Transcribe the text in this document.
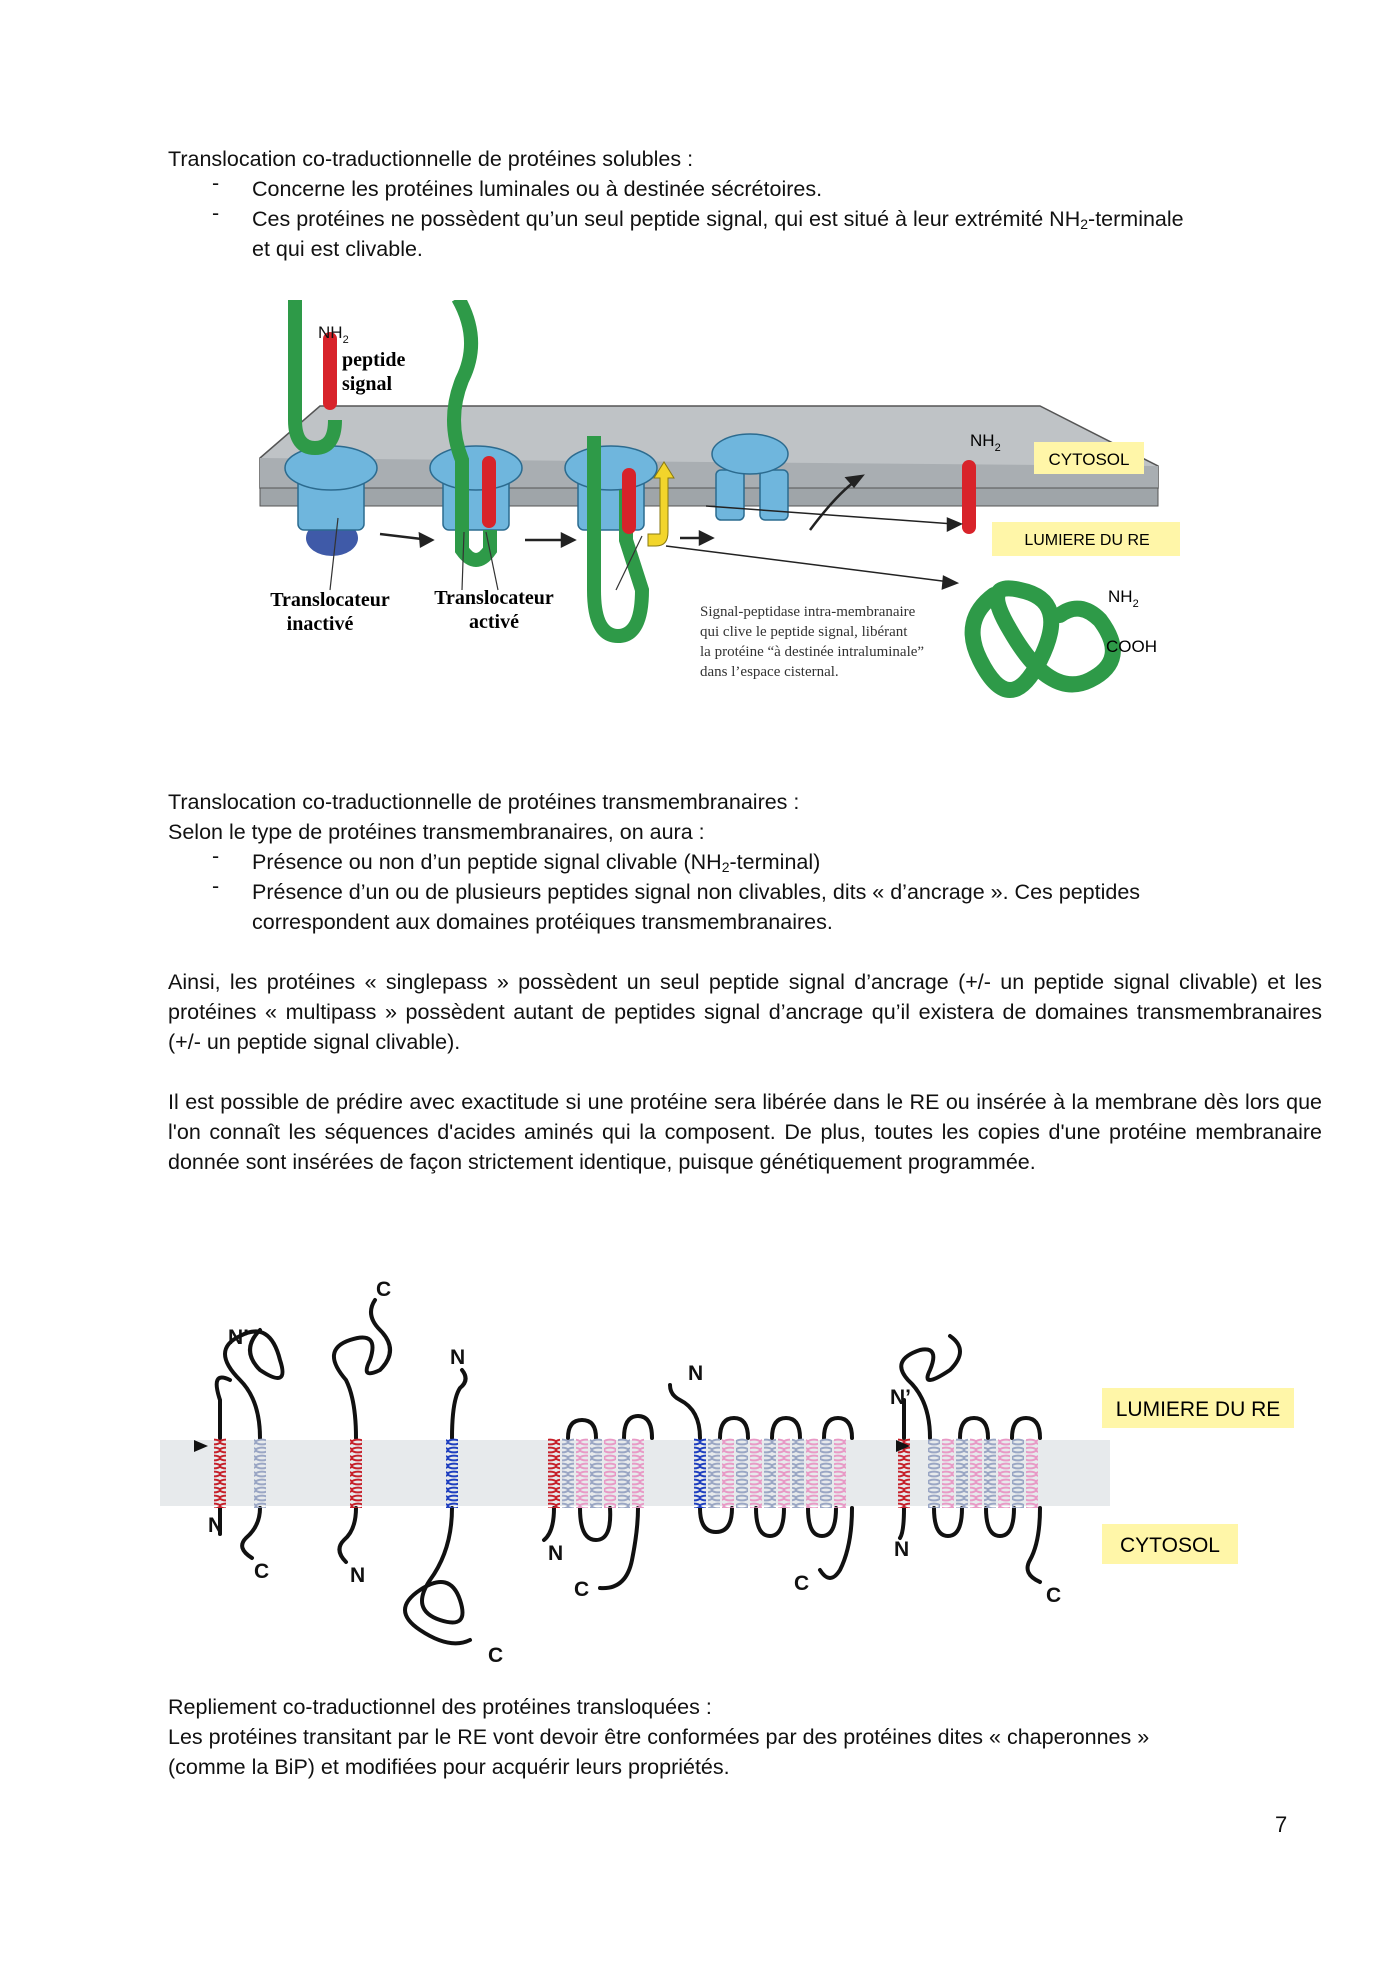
Translocation co-traductionnelle de protéines solubles :

- Concerne les protéines luminales ou à destinée sécrétoires.
- Ces protéines ne possèdent qu’un seul peptide signal, qui est situé à leur extrémité $NH_2$-terminale
et qui est clivable.
$NH_2$
peptide
signal
CYTOSOL
$NH_2$
LUMIERE DU RE
$NH_2$
COOH
Translocateur
inactivé
Translocateur
activé	Signal-peptidase intra-membranaire
qui clive le peptide signal, libérant
la protéine “à destinée intraluminale”
dans l’espace cisternal.

Translocation co-traductionnelle de protéines transmembranaires :

Selon le type de protéines transmembranaires, on aura :

- Présence ou non d’un peptide signal clivable $(NH_2-terminal)$
- Présence d’un ou de plusieurs peptides signal non clivables, dits « d’ancrage ». Ces peptides
correspondent aux domaines protéiques transmembranaires.

Ainsi, les protéines « singlepass » possèdent un seul peptide signal d’ancrage (+/- un peptide signal clivable) et les protéines « multipass » possèdent autant de peptides signal d’ancrage qu’il existera de domaines transmembranaires (+/- un peptide signal clivable).

Il est possible de prédire avec exactitude si une protéine sera libérée dans le RE ou insérée à la membrane dès lors que l'on connaît les séquences d'acides aminés qui la composent. De plus, toutes les copies d'une protéine membranaire donnée sont insérées de façon strictement identique, puisque génétiquement programmée.

LUMIERE DU RE
CYTOSOL
N’
N
C
C
N
N
C
N
C
N
C
N’
N
C

Repliement co-traductionnel des protéines transloquées :

Les protéines transitant par le RE vont devoir être conformées par des protéines dites « chaperonnes »

(comme la BiP) et modifiées pour acquérir leurs propriétés.

7
